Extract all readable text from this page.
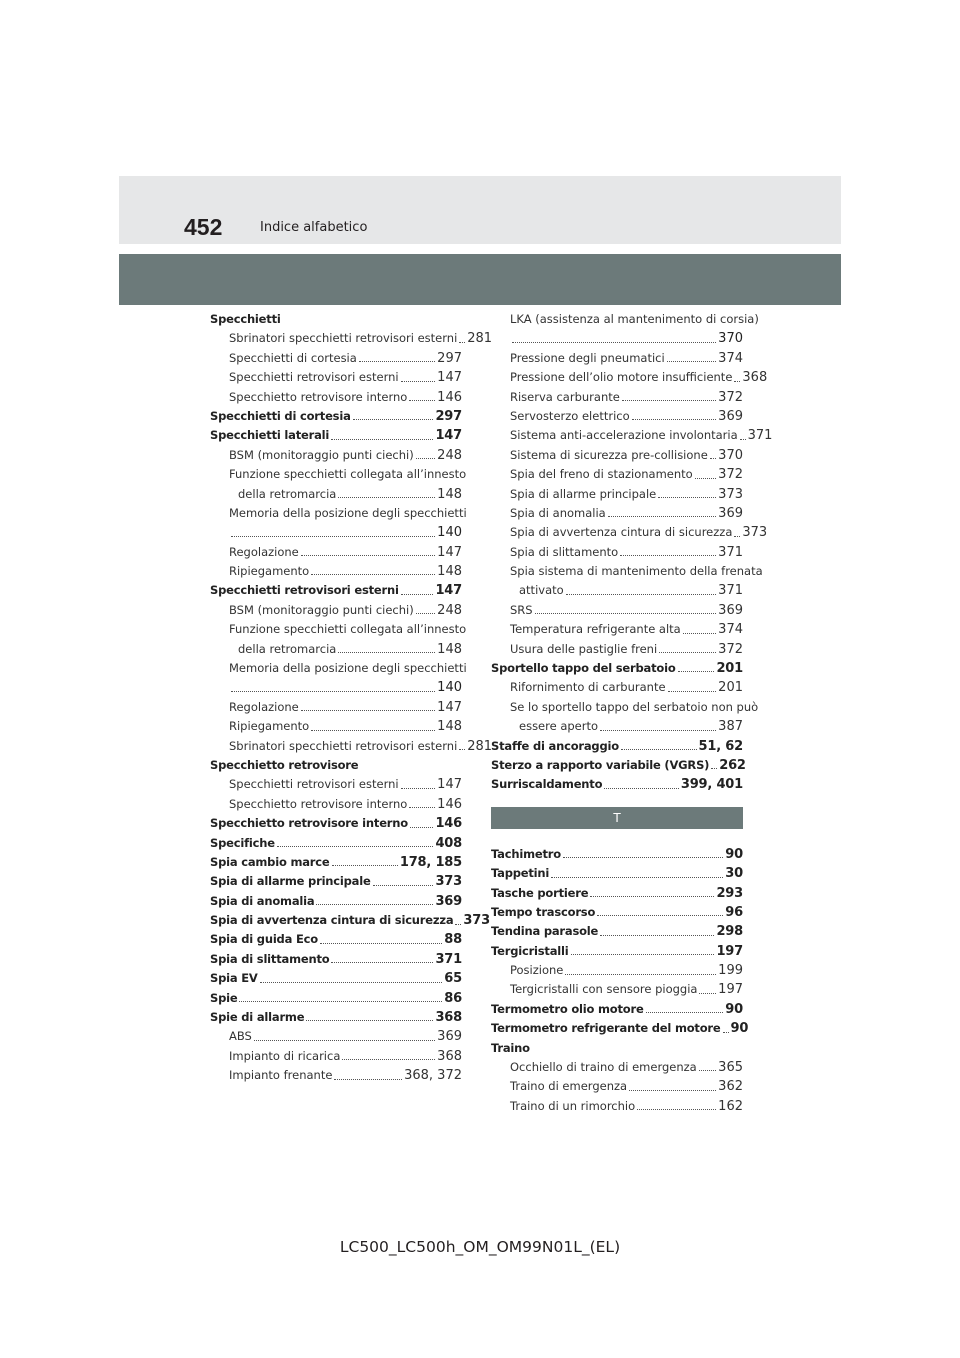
452	Indice alfabetico
Specchietti
Sbrinatori specchietti retrovisori esterni 281
Specchietti di cortesia	297
Specchietti retrovisori esterni	147
Specchietto retrovisore interno 146
Specchietti di cortesia	297
Specchietti laterali	147
BSM (monitoraggio punti ciechi) 248
Funzione specchietti collegata all’innesto
della retromarcia	148
Memoria della posizione degli specchietti
140
Regolazione	147
Ripiegamento	148
Specchietti retrovisori esterni	147
BSM (monitoraggio punti ciechi) 248
Funzione specchietti collegata all’innesto
della retromarcia	148
Memoria della posizione degli specchietti
140
Regolazione	147
Ripiegamento	148
Sbrinatori specchietti retrovisori esterni 281
Specchietto retrovisore
Specchietti retrovisori esterni	147
Specchietto retrovisore interno 146
Specchietto retrovisore interno 146
Specifiche	408
Spia cambio marce	178, 185
Spia di allarme principale	373
Spia di anomalia	369
Spia di avvertenza cintura di sicurezza 373
Spia di guida Eco	88
Spia di slittamento	371
Spia EV	65
Spie	86
Spie di allarme	368
ABS	369
Impianto di ricarica	368
Impianto frenante	368, 372
LKA (assistenza al mantenimento di corsia)
370
Pressione degli pneumatici	374
Pressione dell’olio motore insufficiente 368
Riserva carburante	372
Servosterzo elettrico	369
Sistema anti-accelerazione involontaria 371
Sistema di sicurezza pre-collisione 370
Spia del freno di stazionamento 372
Spia di allarme principale	373
Spia di anomalia	369
Spia di avvertenza cintura di sicurezza 373
Spia di slittamento	371
Spia sistema di mantenimento della frenata
attivato	371
SRS	369
Temperatura refrigerante alta	374
Usura delle pastiglie freni	372
Sportello tappo del serbatoio	201
Rifornimento di carburante	201
Se lo sportello tappo del serbatoio non può
essere aperto	387
Staffe di ancoraggio	51, 62
Sterzo a rapporto variabile (VGRS) 262
Surriscaldamento	399, 401
T
Tachimetro	90
Tappetini	30
Tasche portiere	293
Tempo trascorso	96
Tendina parasole	298
Tergicristalli	197
Posizione	199
Tergicristalli con sensore pioggia 197
Termometro olio motore	90
Termometro refrigerante del motore 90
Traino
Occhiello di traino di emergenza 365
Traino di emergenza	362
Traino di un rimorchio	162
LC500_LC500h_OM_OM99N01L_(EL)
